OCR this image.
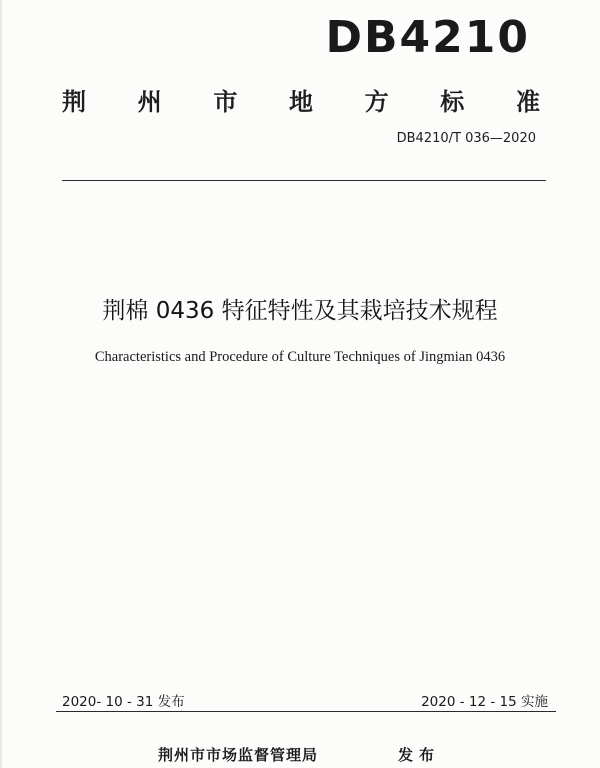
DB4210
荆 州 市 地 方 标 准
DB4210/T 036—2020
荆棉 0436 特征特性及其栽培技术规程
Characteristics and Procedure of Culture Techniques of Jingmian 0436
2020- 10 - 31 发布	2020 - 12 - 15 实施
荆州市市场监督管理局	发布
